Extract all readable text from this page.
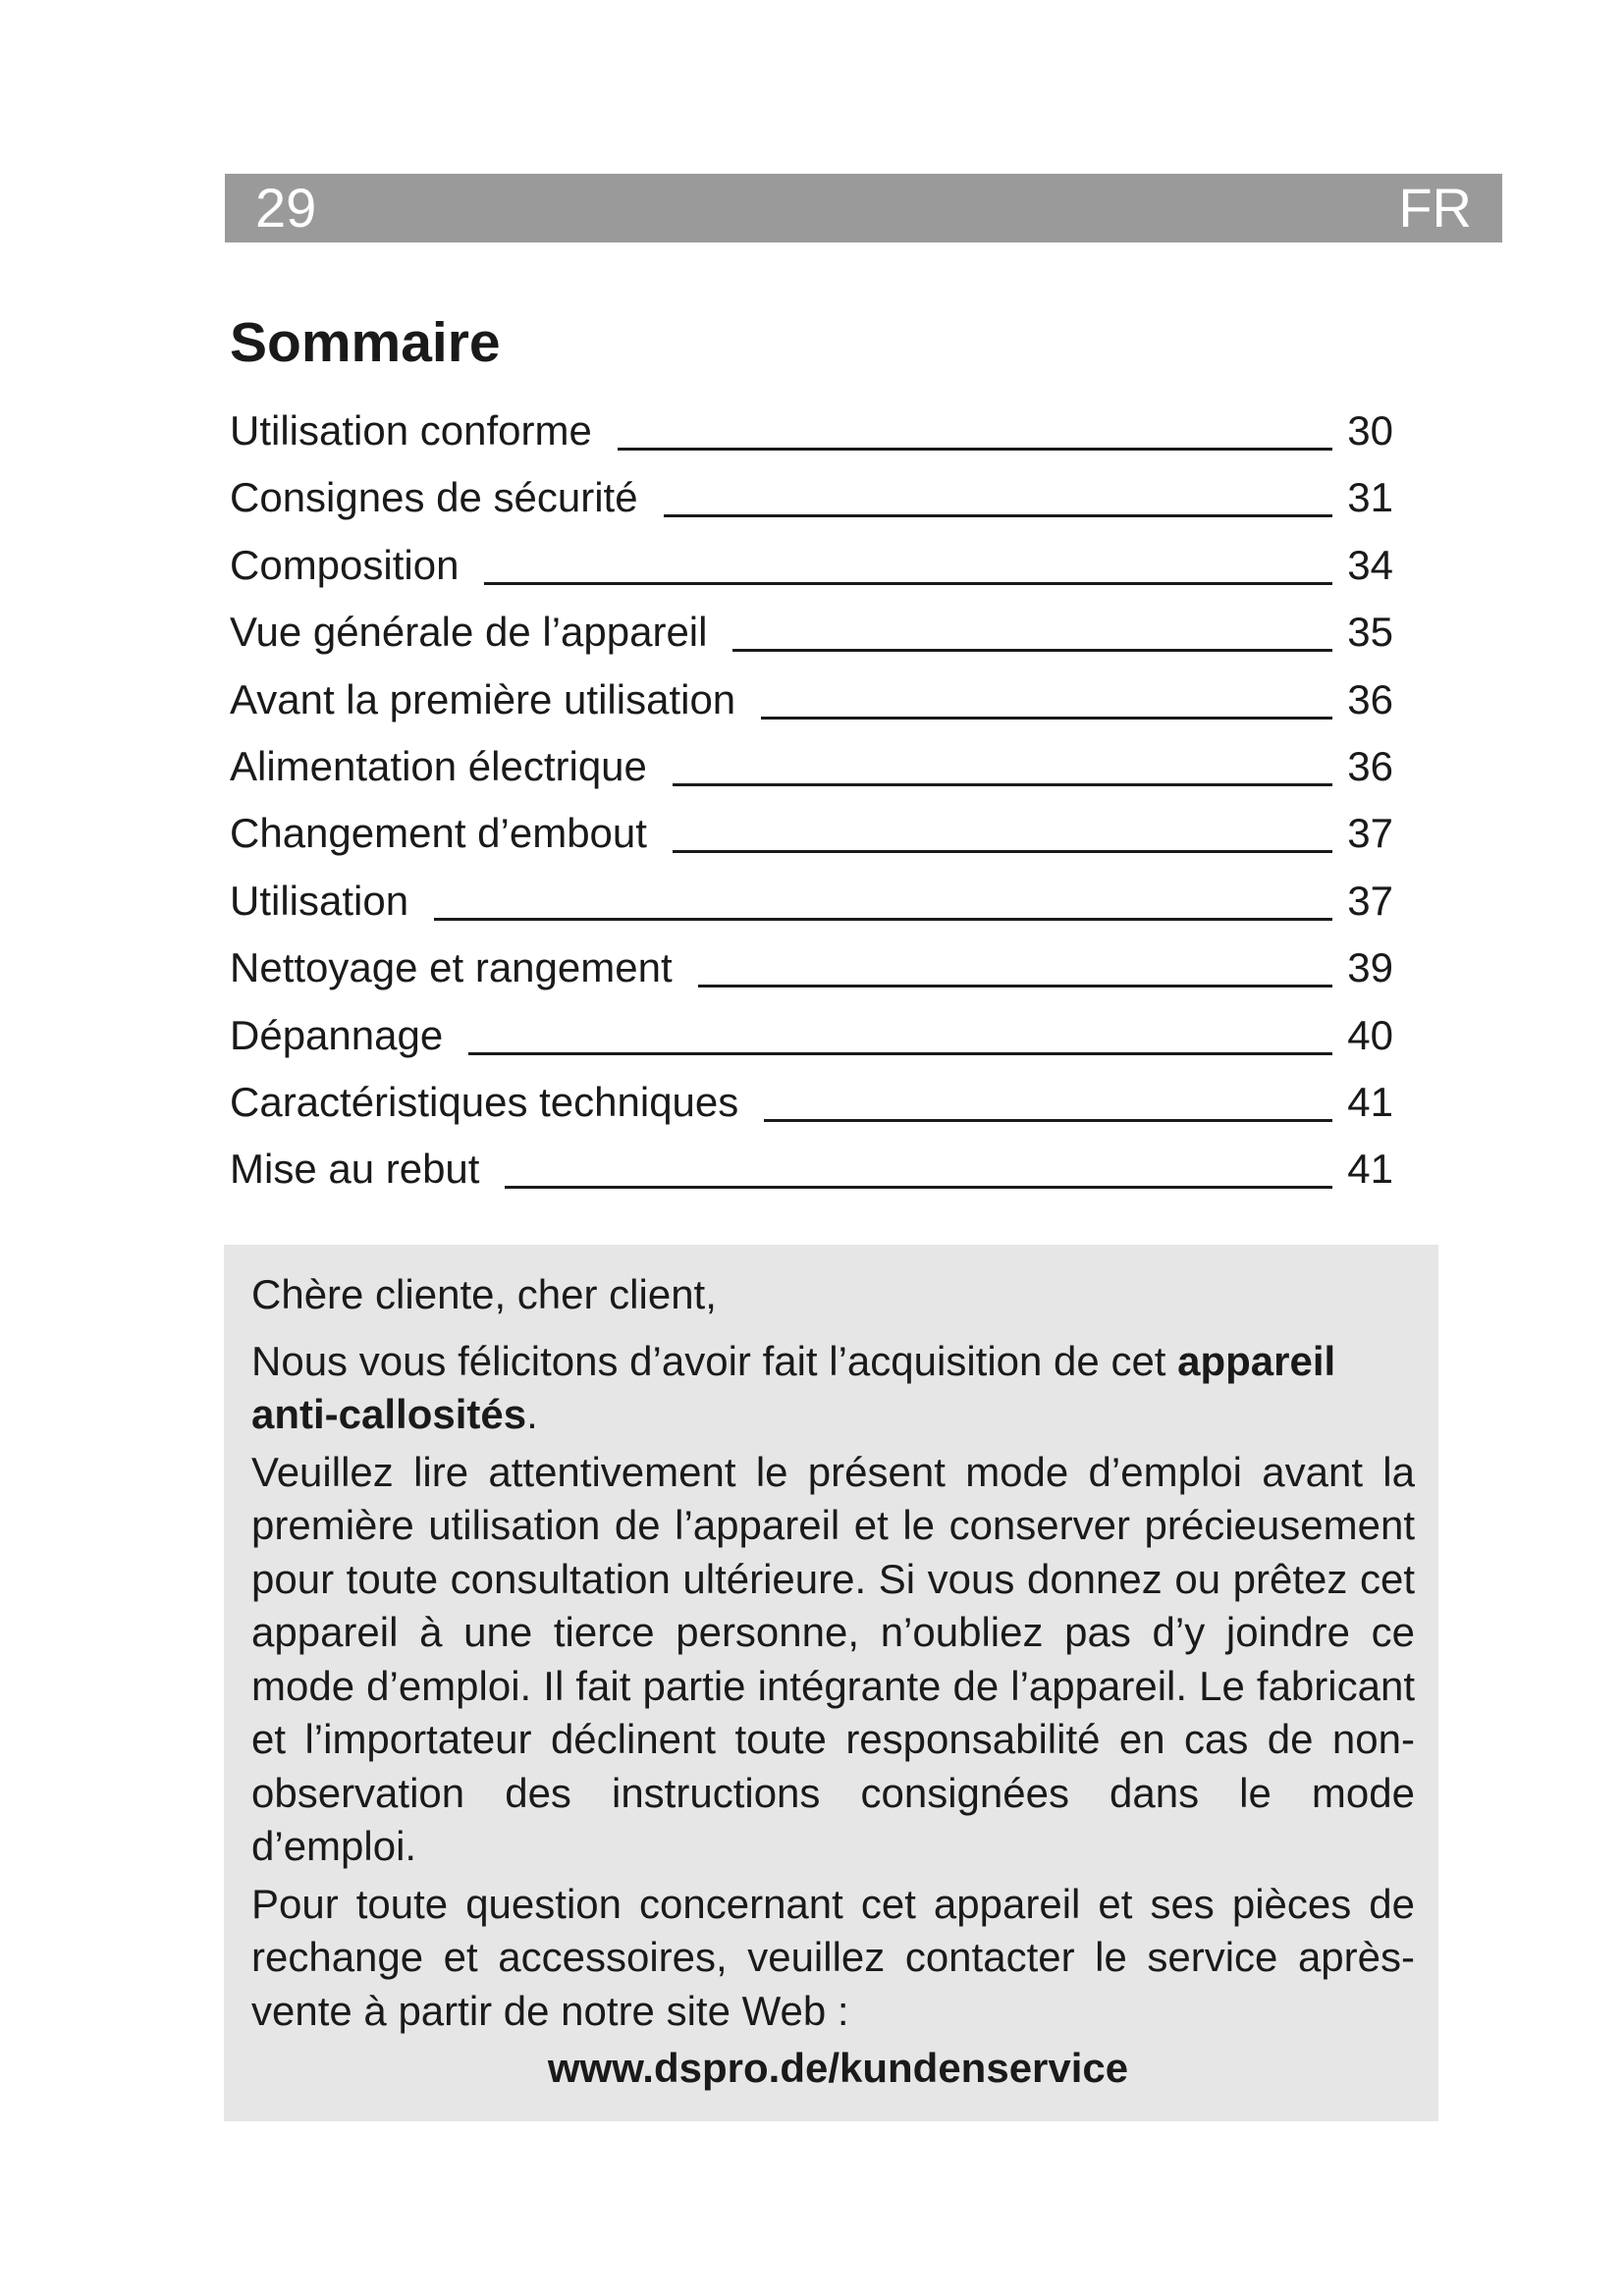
29	FR
Sommaire
Utilisation conforme	30
Consignes de sécurité	31
Composition	34
Vue générale de l’appareil	35
Avant la première utilisation	36
Alimentation électrique	36
Changement d’embout	37
Utilisation	37
Nettoyage et rangement	39
Dépannage	40
Caractéristiques techniques	41
Mise au rebut	41

Chère cliente, cher client,

Nous vous félicitons d’avoir fait l’acquisition de cet appareil anti-callosités.

Veuillez lire attentivement le présent mode d’emploi avant la première utilisation de l’appareil et le conserver précieusement pour toute consultation ultérieure. Si vous donnez ou prêtez cet appareil à une tierce personne, n’oubliez pas d’y joindre ce mode d’emploi. Il fait partie intégrante de l’appareil. Le fabricant et l’importateur déclinent toute responsabilité en cas de non-observation des instructions consignées dans le mode d’emploi.

Pour toute question concernant cet appareil et ses pièces de rechange et accessoires, veuillez contacter le service après-vente à partir de notre site Web :

www.dspro.de/kundenservice
